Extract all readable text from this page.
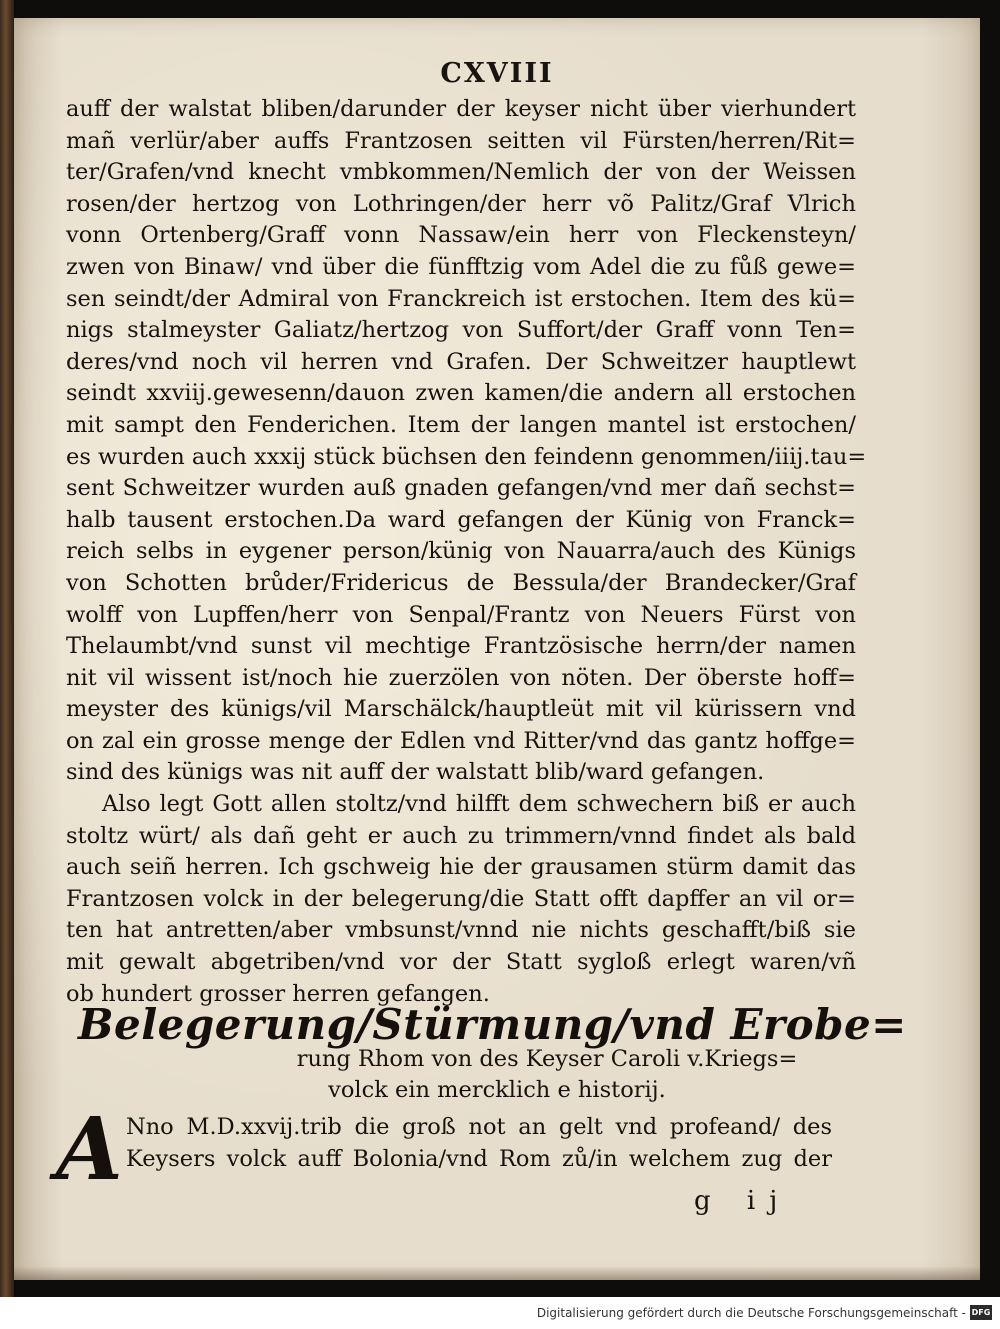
CXVIII
auff der walstat bliben/darunder der keyser nicht über vierhundert
mañ verlür/aber auffs Frantzosen seitten vil Fürsten/herren/Rit=
ter/Grafen/vnd knecht vmbkommen/Nemlich der von der Weissen
rosen/der hertzog von Lothringen/der herr võ Palitz/Graf Vlrich
vonn Ortenberg/Graff vonn Nassaw/ein herr von Fleckensteyn/
zwen von Binaw/ vnd über die fünfftzig vom Adel die zu fůß gewe=
sen seindt/der Admiral von Franckreich ist erstochen. Item des kü=
nigs stalmeyster Galiatz/hertzog von Suffort/der Graff vonn Ten=
deres/vnd noch vil herren vnd Grafen. Der Schweitzer hauptlewt
seindt xxviij.gewesenn/dauon zwen kamen/die andern all erstochen
mit sampt den Fenderichen. Item der langen mantel ist erstochen/
es wurden auch xxxij stück büchsen den feindenn genommen/iiij.tau=
sent Schweitzer wurden auß gnaden gefangen/vnd mer dañ sechst=
halb tausent erstochen.Da ward gefangen der Künig von Franck=
reich selbs in eygener person/künig von Nauarra/auch des Künigs
von Schotten brůder/Fridericus de Bessula/der Brandecker/Graf
wolff von Lupffen/herr von Senpal/Frantz von Neuers Fürst von
Thelaumbt/vnd sunst vil mechtige Frantzösische herrn/der namen
nit vil wissent ist/noch hie zuerzölen von nöten. Der öberste hoff=
meyster des künigs/vil Marschälck/hauptleüt mit vil kürissern vnd
on zal ein grosse menge der Edlen vnd Ritter/vnd das gantz hoffge=
sind des künigs was nit auff der walstatt blib/ward gefangen.
Also legt Gott allen stoltz/vnd hilfft dem schwechern biß er auch
stoltz würt/ als dañ geht er auch zu trimmern/vnnd findet als bald
auch seiñ herren. Ich gschweig hie der grausamen stürm damit das
Frantzosen volck in der belegerung/die Statt offt dapffer an vil or=
ten hat antretten/aber vmbsunst/vnnd nie nichts geschafft/biß sie
mit gewalt abgetriben/vnd vor der Statt sygloß erlegt waren/vñ
ob hundert grosser herren gefangen.
Belegerung/Stürmung/vnd Erobe=
rung Rhom von des Keyser Caroli v.Kriegs=
volck ein mercklich e historij.
A Nno M.D.xxvij.trib die groß not an gelt vnd profeand/ des
Keysers volck auff Bolonia/vnd Rom zů/in welchem zug der
g ij
Digitalisierung gefördert durch die Deutsche Forschungsgemeinschaft - DFG
